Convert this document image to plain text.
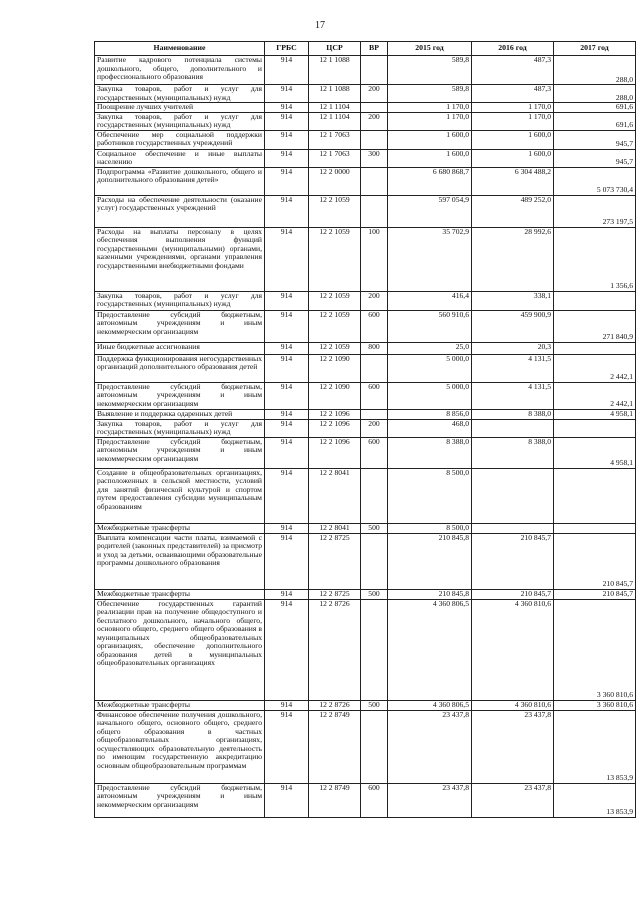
17
Наименование	ГРБС	ЦСР	ВР	2015 год	2016 год	2017 год
Развитие кадрового потенциала системы дошкольного, общего, дополнительного и профессионального образования	914	12 1 1088		589,8	487,3	288,0
Закупка товаров, работ и услуг для государственных (муниципальных) нужд	914	12 1 1088	200	589,8	487,3	288,0
Поощрение лучших учителей	914	12 1 1104		1 170,0	1 170,0	691,6
Закупка товаров, работ и услуг для государственных (муниципальных) нужд	914	12 1 1104	200	1 170,0	1 170,0	691,6
Обеспечение мер социальной поддержки работников государственных учреждений	914	12 1 7063		1 600,0	1 600,0	945,7
Социальное обеспечение и иные выплаты населению	914	12 1 7063	300	1 600,0	1 600,0	945,7
Подпрограмма «Развитие дошкольного, общего и дополнительного образования детей»	914	12 2 0000		6 680 868,7	6 304 488,2	5 073 730,4
Расходы на обеспечение деятельности (оказание услуг) государственных учреждений	914	12 2 1059		597 054,9	489 252,0	273 197,5
Расходы на выплаты персоналу в целях обеспечения выполнения функций государственными (муниципальными) органами, казенными учреждениями, органами управления государственными внебюджетными фондами	914	12 2 1059	100	35 702,9	28 992,6	1 356,6
Закупка товаров, работ и услуг для государственных (муниципальных) нужд	914	12 2 1059	200	416,4	338,1	
Предоставление субсидий бюджетным, автономным учреждениям и иным некоммерческим организациям	914	12 2 1059	600	560 910,6	459 900,9	271 840,9
Иные бюджетные ассигнования	914	12 2 1059	800	25,0	20,3	
Поддержка функционирования негосударственных организаций дополнительного образования детей	914	12 2 1090		5 000,0	4 131,5	2 442,1
Предоставление субсидий бюджетным, автономным учреждениям и иным некоммерческим организациям	914	12 2 1090	600	5 000,0	4 131,5	2 442,1
Выявление и поддержка одаренных детей	914	12 2 1096		8 856,0	8 388,0	4 958,1
Закупка товаров, работ и услуг для государственных (муниципальных) нужд	914	12 2 1096	200	468,0		
Предоставление субсидий бюджетным, автономным учреждениям и иным некоммерческим организациям	914	12 2 1096	600	8 388,0	8 388,0	4 958,1
Создание в общеобразовательных организациях, расположенных в сельской местности, условий для занятий физической культурой и спортом путем предоставления субсидии муниципальным образованиям	914	12 2 8041		8 500,0		
Межбюджетные трансферты	914	12 2 8041	500	8 500,0		
Выплата компенсации части платы, взимаемой с родителей (законных представителей) за присмотр и уход за детьми, осваивающими образовательные программы дошкольного образования	914	12 2 8725		210 845,8	210 845,7	210 845,7
Межбюджетные трансферты	914	12 2 8725	500	210 845,8	210 845,7	210 845,7
Обеспечение государственных гарантий реализации прав на получение общедоступного и бесплатного дошкольного, начального общего, основного общего, среднего общего образования в муниципальных общеобразовательных организациях, обеспечение дополнительного образования детей в муниципальных общеобразовательных организациях	914	12 2 8726		4 360 806,5	4 360 810,6	3 360 810,6
Межбюджетные трансферты	914	12 2 8726	500	4 360 806,5	4 360 810,6	3 360 810,6
Финансовое обеспечение получения дошкольного, начального общего, основного общего, среднего общего образования в частных общеобразовательных организациях, осуществляющих образовательную деятельность по имеющим государственную аккредитацию основным общеобразовательным программам	914	12 2 8749		23 437,8	23 437,8	13 853,9
Предоставление субсидий бюджетным, автономным учреждениям и иным некоммерческим организациям	914	12 2 8749	600	23 437,8	23 437,8	13 853,9
